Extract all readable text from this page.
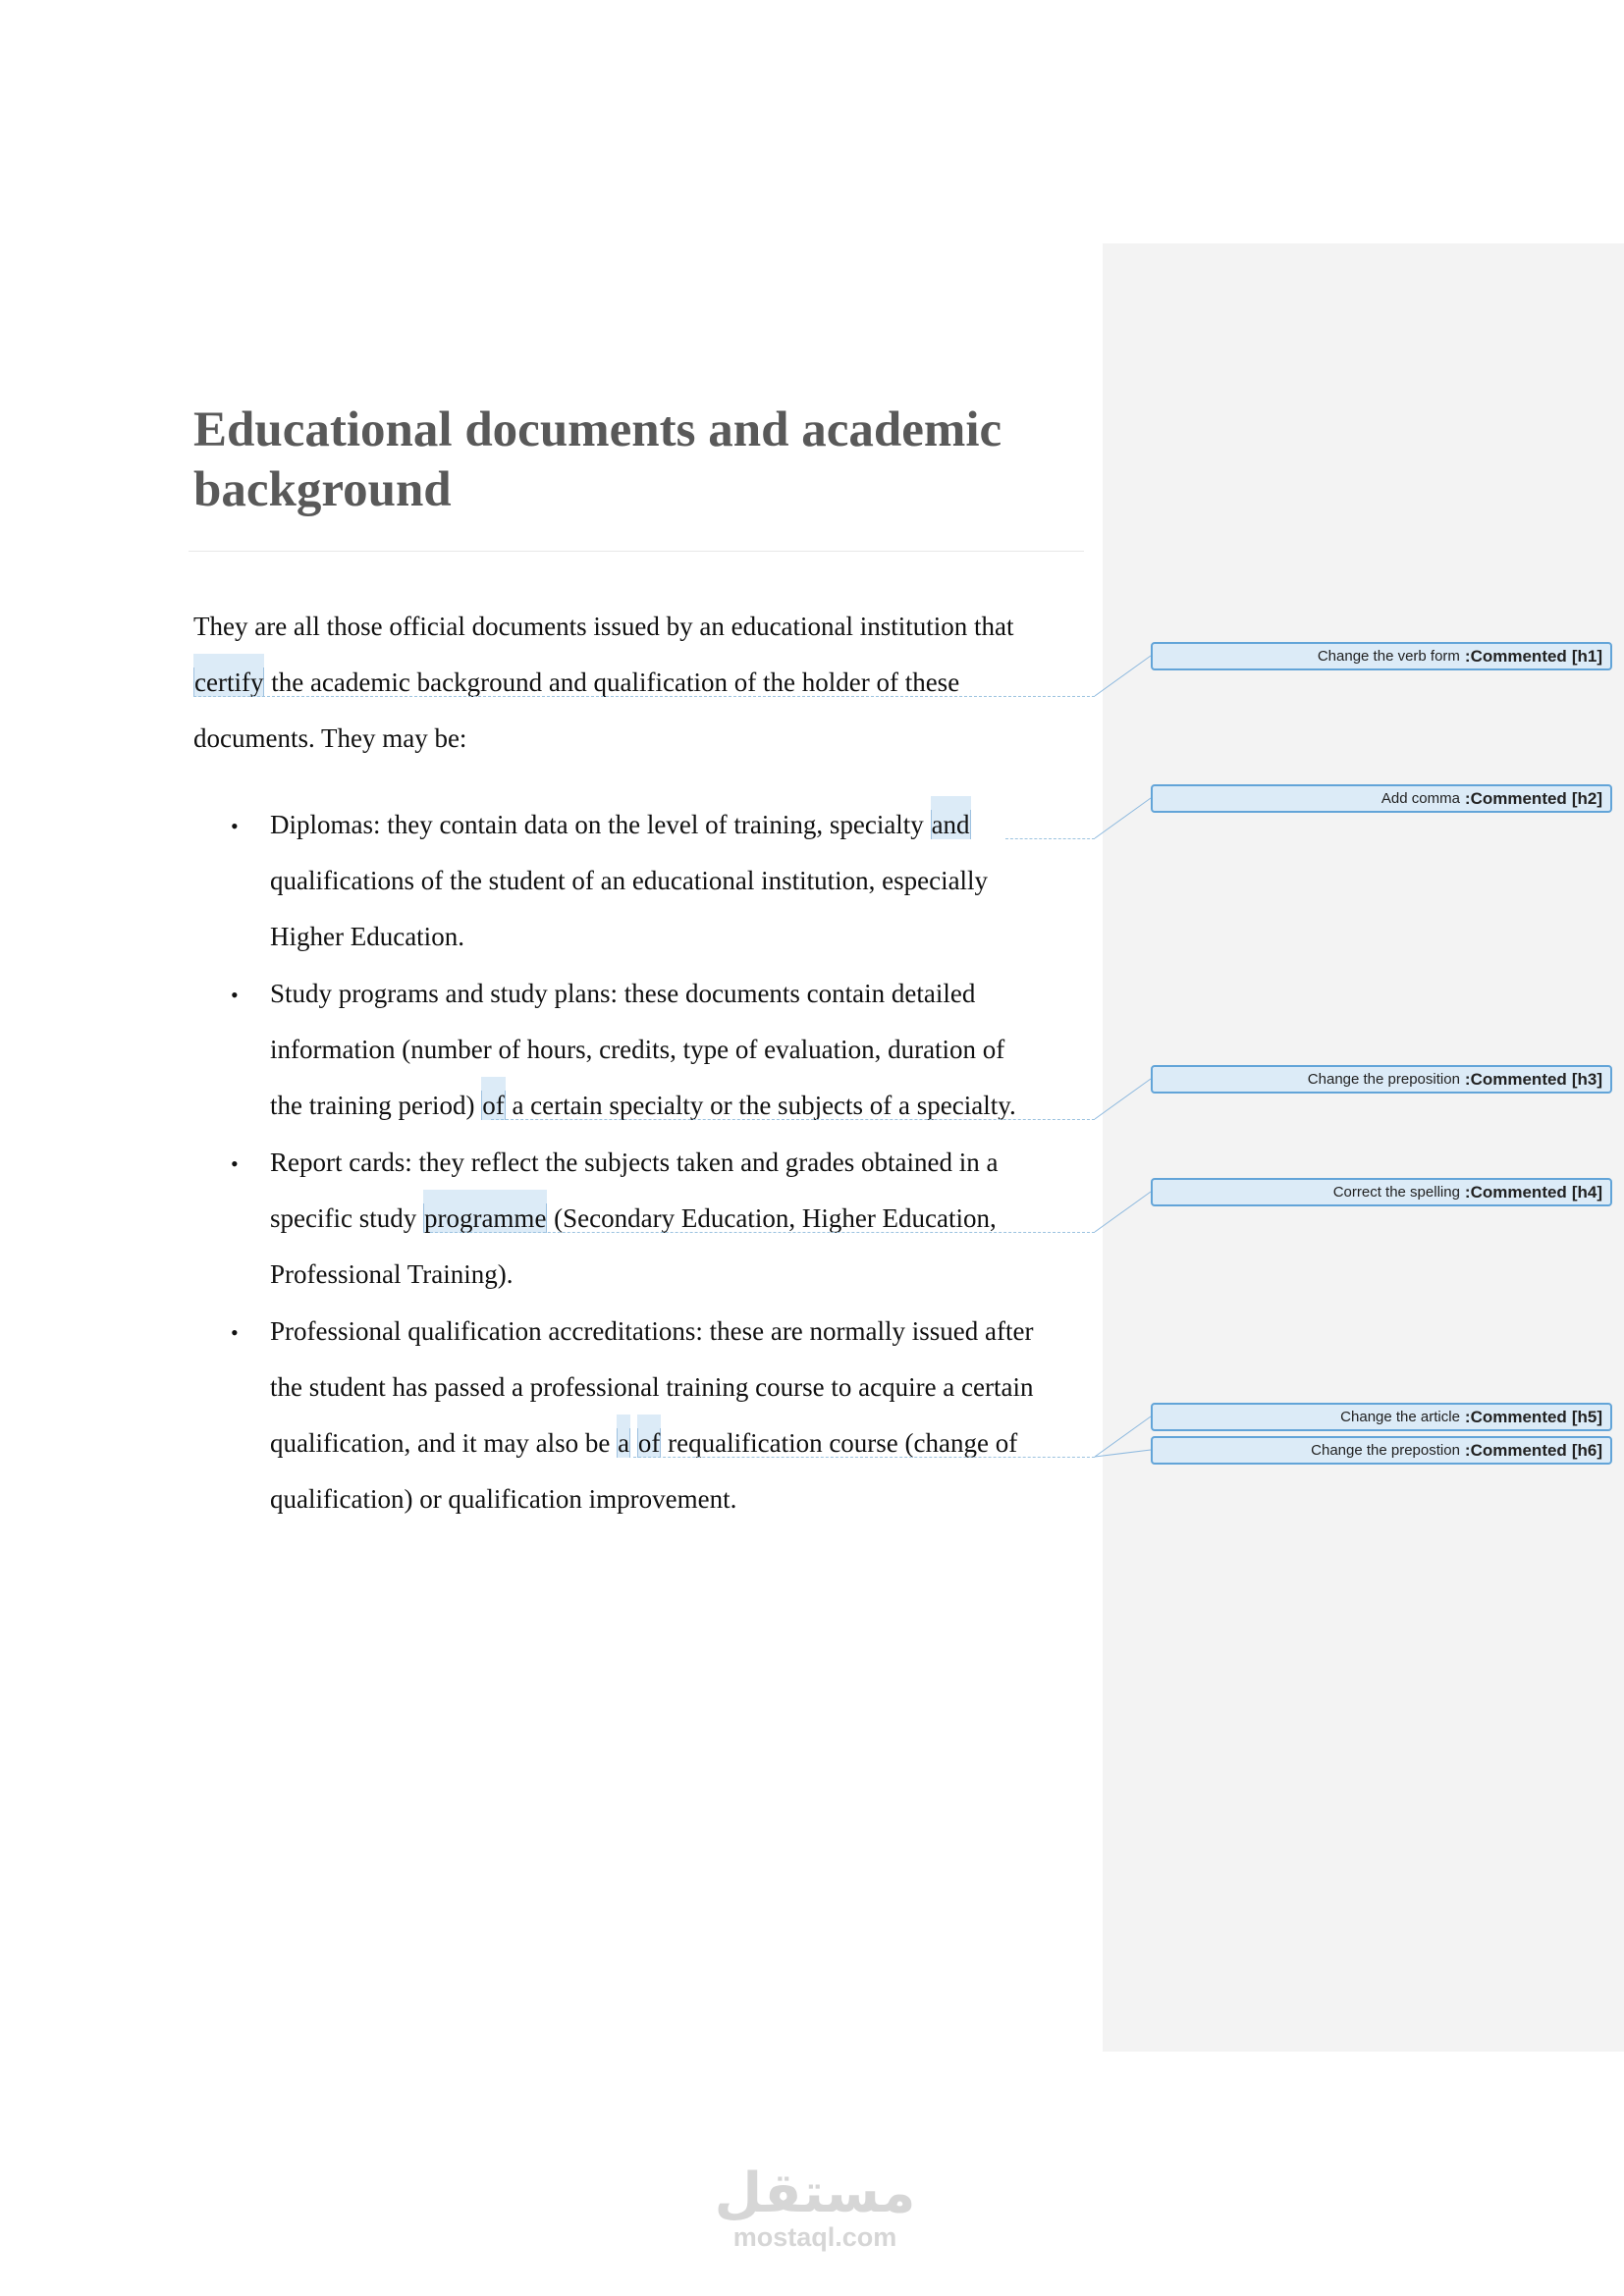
Educational documents and academic
background
They are all those official documents issued by an educational institution that
certify the academic background and qualification of the holder of these
documents. They may be:
• Diplomas: they contain data on the level of training, specialty and
qualifications of the student of an educational institution, especially
Higher Education.
• Study programs and study plans: these documents contain detailed
information (number of hours, credits, type of evaluation, duration of
the training period) of a certain specialty or the subjects of a specialty.
• Report cards: they reflect the subjects taken and grades obtained in a
specific study programme (Secondary Education, Higher Education,
Professional Training).
• Professional qualification accreditations: these are normally issued after
the student has passed a professional training course to acquire a certain
qualification, and it may also be a of requalification course (change of
qualification) or qualification improvement.
Change the verb form :Commented [h1]
Add comma :Commented [h2]
Change the preposition :Commented [h3]
Correct the spelling :Commented [h4]
Change the article :Commented [h5]
Change the prepostion :Commented [h6]
مستقل
mostaql.com
